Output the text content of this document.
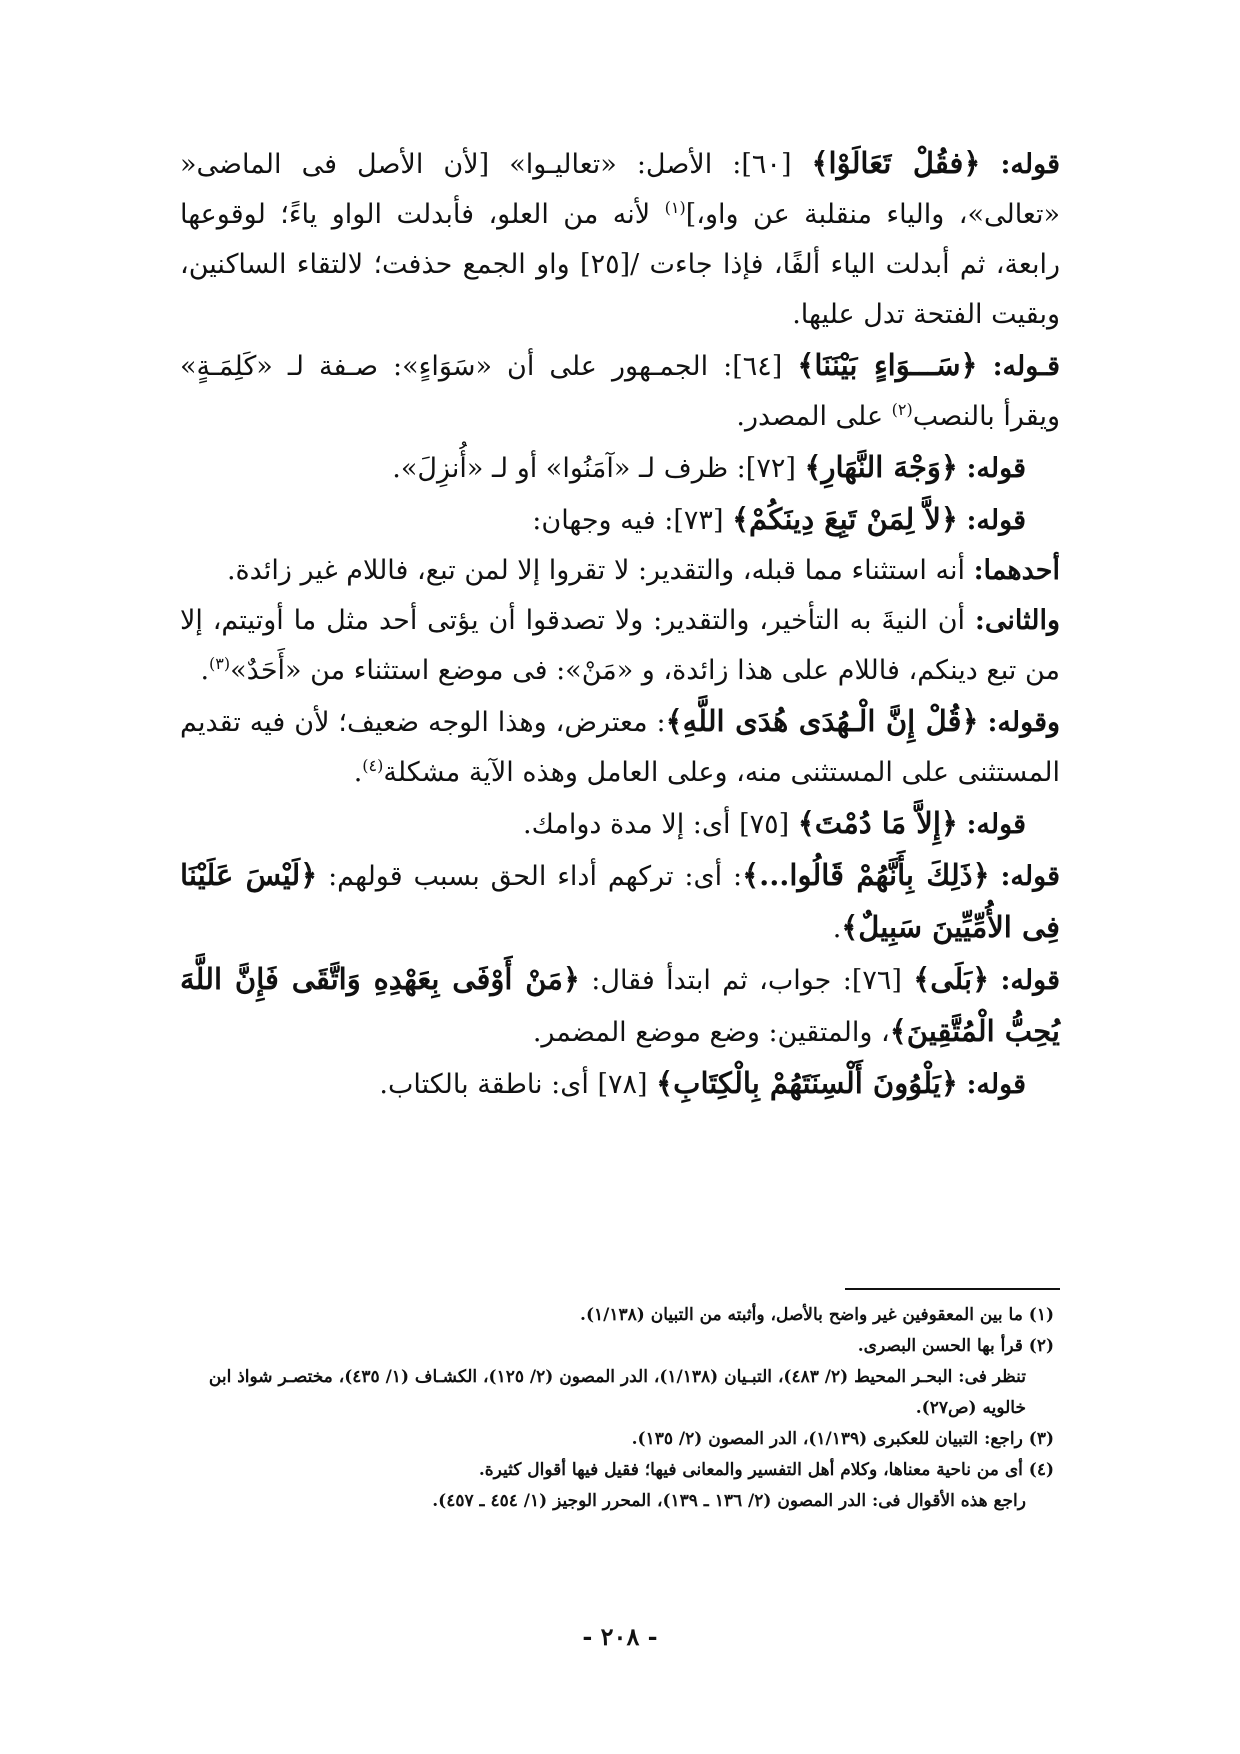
قوله: ﴿فقُلْ تَعَالَوْا﴾ [٦٠]: الأصل: «تعاليـوا» [لأن الأصل فى الماضى« «تعالى»، والياء منقلبة عن واو،]$^{(١)}$ لأنه من العلو، فأبدلت الواو ياءً؛ لوقوعها رابعة، ثم أبدلت الياء ألفًا، فإذا جاءت /[٢٥] واو الجمع حذفت؛ لالتقاء الساكنين، وبقيت الفتحة تدل عليها.

قـوله: ﴿سَـــوَاءٍ بَيْنَنَا﴾ [٦٤]: الجمـهور على أن «سَوَاءٍ»: صـفة لـ «كَلِمَـةٍ» ويقرأ بالنصب$^{(٢)}$ على المصدر.

قوله: ﴿وَجْهَ النَّهَارِ﴾ [٧٢]: ظرف لـ «آمَنُوا» أو لـ «أُنزِلَ».

قوله: ﴿لاَّ لِمَنْ تَبِعَ دِينَكُمْ﴾ [٧٣]: فيه وجهان:

أحدهما: أنه استثناء مما قبله، والتقدير: لا تقروا إلا لمن تبع، فاللام غير زائدة.

والثانى: أن النيةَ به التأخير، والتقدير: ولا تصدقوا أن يؤتى أحد مثل ما أوتيتم، إلا من تبع دينكم، فاللام على هذا زائدة، و «مَنْ»: فى موضع استثناء من «أَحَدٌ»$^{(٣)}$.

وقوله: ﴿قُلْ إِنَّ الْـهُدَى هُدَى اللَّهِ﴾: معترض، وهذا الوجه ضعيف؛ لأن فيه تقديم المستثنى على المستثنى منه، وعلى العامل وهذه الآية مشكلة$^{(٤)}$.

قوله: ﴿إِلاَّ مَا دُمْتَ﴾ [٧٥] أى: إلا مدة دوامك.

قوله: ﴿ذَلِكَ بِأَنَّهُمْ قَالُوا...﴾: أى: تركهم أداء الحق بسبب قولهم: ﴿لَيْسَ عَلَيْنَا فِى الأُمِّيِّينَ سَبِيلٌ﴾.

قوله: ﴿بَلَى﴾ [٧٦]: جواب، ثم ابتدأ فقال: ﴿مَنْ أَوْفَى بِعَهْدِهِ وَاتَّقَى فَإِنَّ اللَّهَ يُحِبُّ الْمُتَّقِينَ﴾، والمتقين: وضع موضع المضمر.

قوله: ﴿يَلْوُونَ أَلْسِنَتَهُمْ بِالْكِتَابِ﴾ [٧٨] أى: ناطقة بالكتاب.

(١) ما بين المعقوفين غير واضح بالأصل، وأثبته من التبيان (١/١٣٨).

(٢) قرأ بها الحسن البصرى.

تنظر فى: البحـر المحيط (٢/ ٤٨٣)، التبـيان (١/١٣٨)، الدر المصون (٢/ ١٢٥)، الكشـاف (١/ ٤٣٥)، مختصـر شواذ ابن خالويه (ص٢٧).

(٣) راجع: التبيان للعكبرى (١/١٣٩)، الدر المصون (٢/ ١٣٥).

(٤) أى من ناحية معناها، وكلام أهل التفسير والمعانى فيها؛ فقيل فيها أقوال كثيرة.

راجع هذه الأقوال فى: الدر المصون (٢/ ١٣٦ ـ ١٣٩)، المحرر الوجيز (١/ ٤٥٤ ـ ٤٥٧).

- ٢٠٨ -
